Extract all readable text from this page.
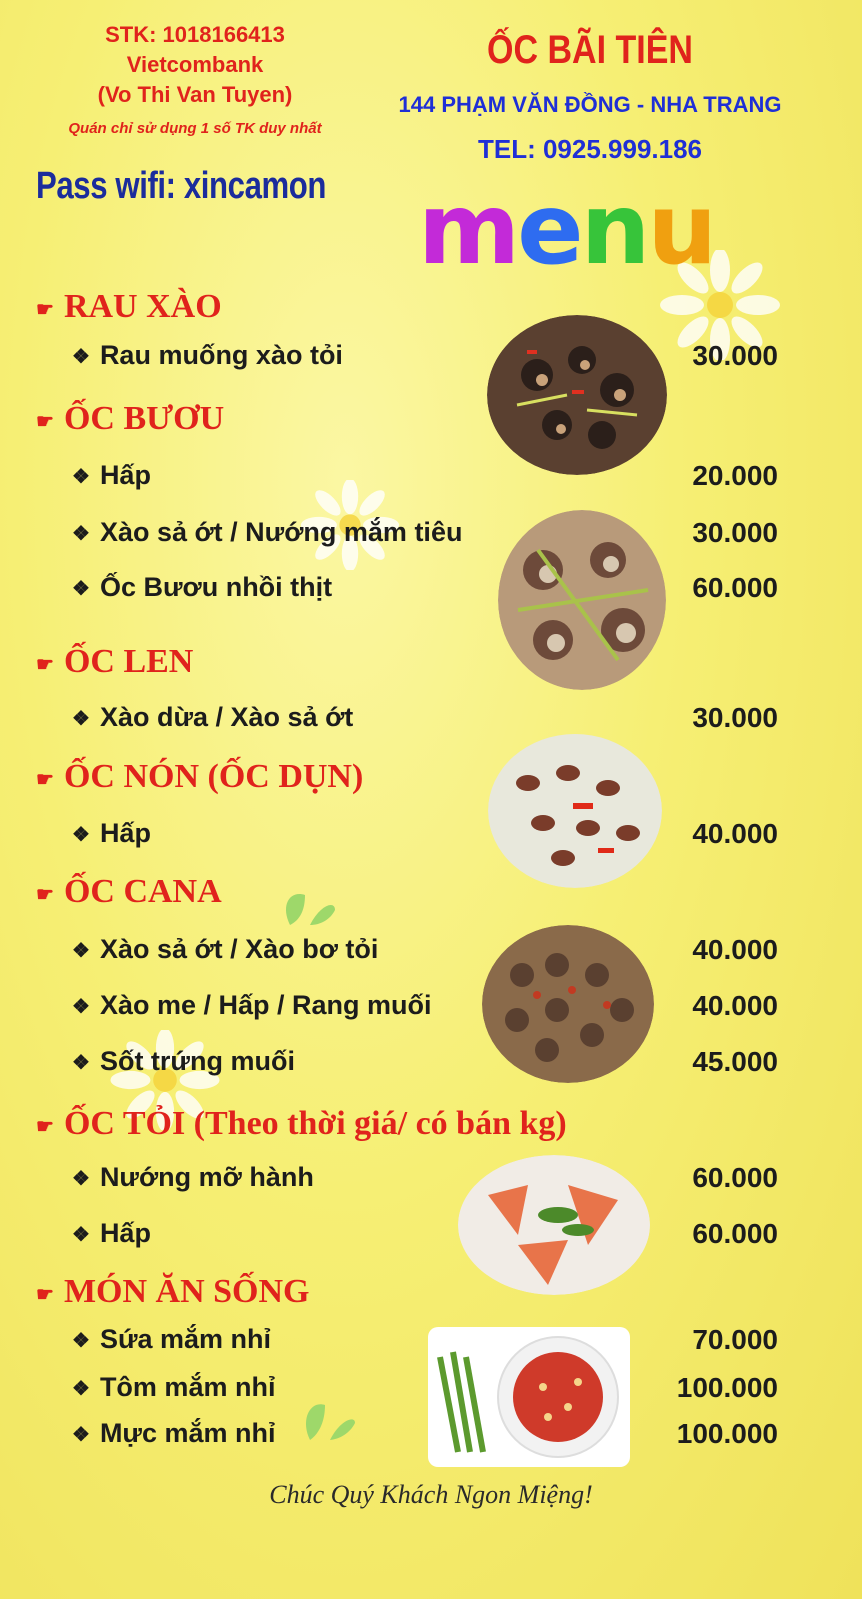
STK: 1018166413
Vietcombank
(Vo Thi Van Tuyen)
Quán chỉ sử dụng 1 số TK duy nhất
Pass wifi: xincamon
ỐC BÃI TIÊN
144 PHẠM VĂN ĐỒNG - NHA TRANG
TEL: 0925.999.186
menu
☛ RAU XÀO
❖ Rau muống xào tỏi	30.000
☛ ỐC BƯƠU
❖ Hấp	20.000
❖ Xào sả ớt / Nướng mắm tiêu	30.000
❖ Ốc Bươu nhồi thịt	60.000
☛ ỐC LEN
❖ Xào dừa / Xào sả ớt	30.000
☛ ỐC NÓN (ỐC DỤN)
❖ Hấp	40.000
☛ ỐC CANA
❖ Xào sả ớt / Xào bơ tỏi	40.000
❖ Xào me / Hấp / Rang muối	40.000
❖ Sốt trứng muối	45.000
☛ ỐC TỎI (Theo thời giá/ có bán kg)
❖ Nướng mỡ hành	60.000
❖ Hấp	60.000
☛ MÓN ĂN SỐNG
❖ Sứa mắm nhỉ	70.000
❖ Tôm mắm nhỉ	100.000
❖ Mực mắm nhỉ	100.000
Chúc Quý Khách Ngon Miệng!
